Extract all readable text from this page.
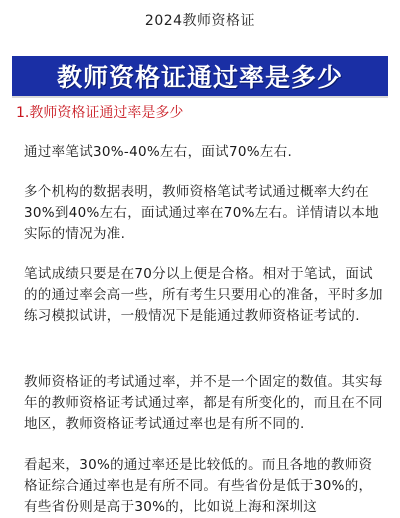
2024教师资格证
教师资格证通过率是多少
1.教师资格证通过率是多少
通过率笔试30%-40%左右，面试70%左右.
多个机构的数据表明，教师资格笔试考试通过概率大约在30%到40%左右，面试通过率在70%左右。详情请以本地实际的情况为准.
笔试成绩只要是在70分以上便是合格。相对于笔试，面试的的通过率会高一些，所有考生只要用心的准备，平时多加练习模拟试讲，一般情况下是能通过教师资格证考试的.
教师资格证的考试通过率，并不是一个固定的数值。其实每年的教师资格证考试通过率，都是有所变化的，而且在不同地区，教师资格证考试通过率也是有所不同的.
看起来，30%的通过率还是比较低的。而且各地的教师资格证综合通过率也是有所不同。有些省份是低于30%的，有些省份则是高于30%的，比如说上海和深圳这
